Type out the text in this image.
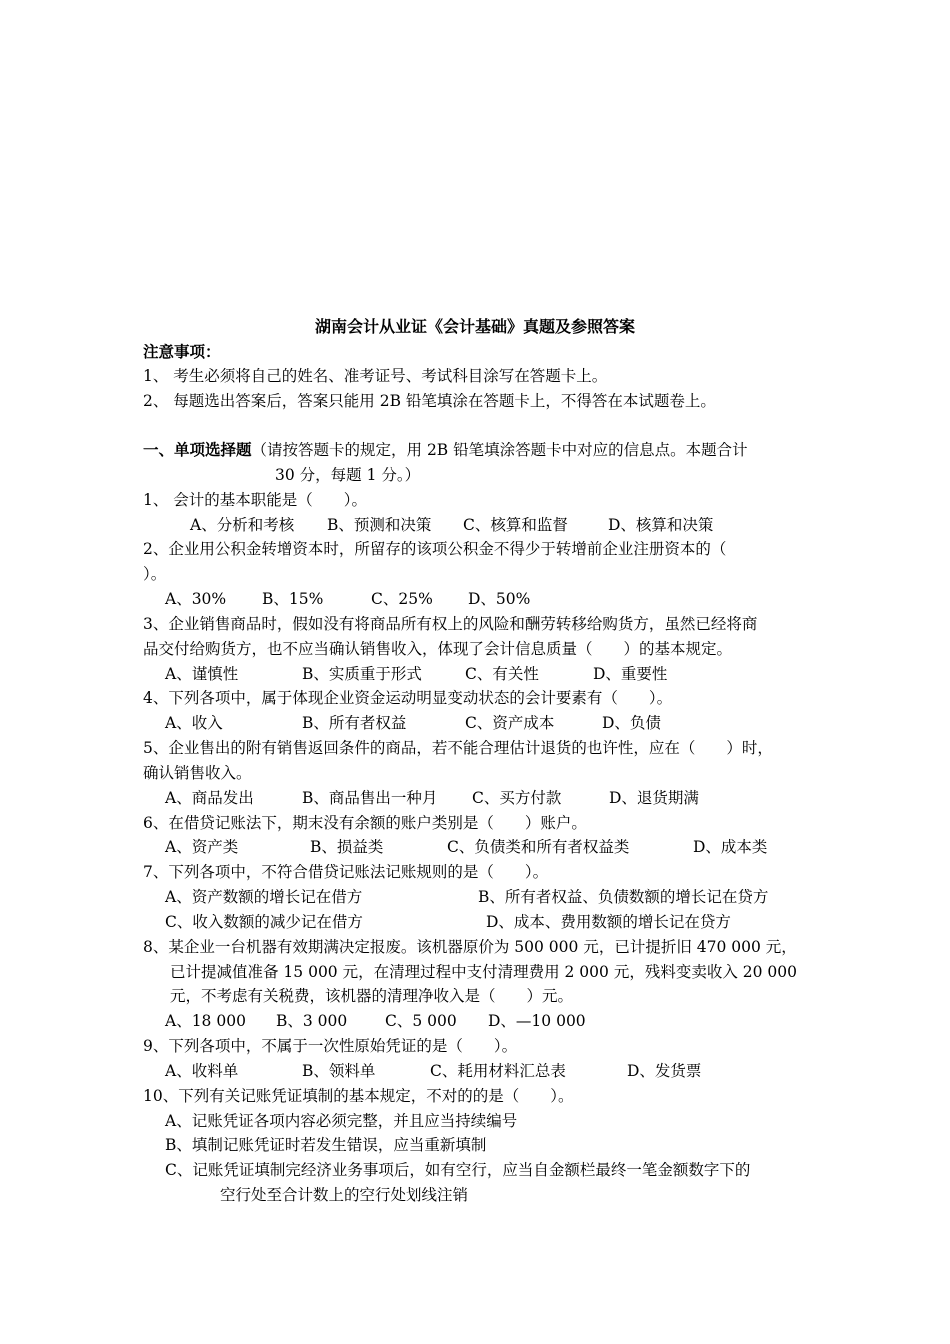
湖南会计从业证《会计基础》真题及参照答案
注意事项：
1、 考生必须将自己的姓名、准考证号、考试科目涂写在答题卡上。
2、 每题选出答案后，答案只能用 2B 铅笔填涂在答题卡上，不得答在本试题卷上。
一、单项选择题（请按答题卡的规定，用 2B 铅笔填涂答题卡中对应的信息点。本题合计
30 分，每题 1 分。）
1、 会计的基本职能是（　　）。
A、分析和考核 B、预测和决策 C、核算和监督	D、核算和决策
2、企业用公积金转增资本时，所留存的该项公积金不得少于转增前企业注册资本的（
）。
A、30% B、15%	C、25% D、50%
3、企业销售商品时，假如没有将商品所有权上的风险和酬劳转移给购货方，虽然已经将商
品交付给购货方，也不应当确认销售收入，体现了会计信息质量（　　）的基本规定。
A、谨慎性	B、实质重于形式	C、有关性	D、重要性
4、下列各项中，属于体现企业资金运动明显变动状态的会计要素有（　　）。
A、收入	B、所有者权益	C、资产成本	D、负债
5、企业售出的附有销售返回条件的商品，若不能合理估计退货的也许性，应在（　　）时，
确认销售收入。
A、商品发出	B、商品售出一种月 C、买方付款	D、退货期满
6、在借贷记账法下，期末没有余额的账户类别是（　　）账户。
A、资产类	B、损益类	C、负债类和所有者权益类	D、成本类
7、下列各项中，不符合借贷记账法记账规则的是（　　）。
A、资产数额的增长记在借方	B、所有者权益、负债数额的增长记在贷方
C、收入数额的减少记在借方	D、成本、费用数额的增长记在贷方
8、某企业一台机器有效期满决定报废。该机器原价为 500 000 元，已计提折旧 470 000 元，
已计提减值准备 15 000 元，在清理过程中支付清理费用 2 000 元，残料变卖收入 20 000
元，不考虑有关税费，该机器的清理净收入是（　　）元。
A、18 000 B、3 000 C、5 000 D、—10 000
9、下列各项中，不属于一次性原始凭证的是（　　）。
A、收料单	B、领料单	C、耗用材料汇总表	D、发货票
10、下列有关记账凭证填制的基本规定，不对的的是（　　）。
A、记账凭证各项内容必须完整，并且应当持续编号
B、填制记账凭证时若发生错误，应当重新填制
C、记账凭证填制完经济业务事项后，如有空行，应当自金额栏最终一笔金额数字下的
空行处至合计数上的空行处划线注销
